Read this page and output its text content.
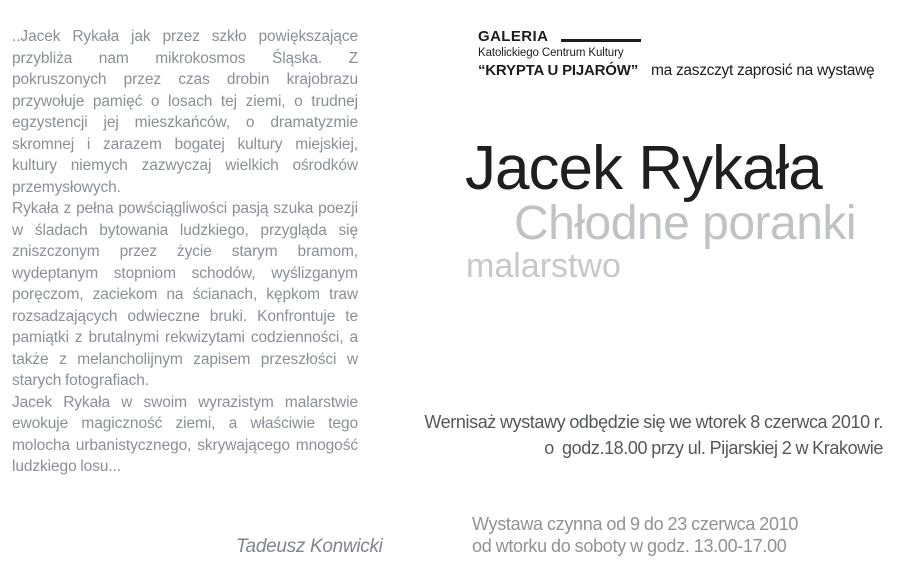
..Jacek Rykała jak przez szkło powiększające przybliża nam mikrokosmos Śląska. Z pokruszonych przez czas drobin krajobrazu przywołuje pamięć o losach tej ziemi, o trudnej egzystencji jej mieszkańców, o dramatyzmie skromnej i zarazem bogatej kultury miejskiej, kultury niemych zazwyczaj wielkich ośrodków przemysłowych.

Rykała z pełna powściągliwości pasją szuka poezji w śladach bytowania ludzkiego, przygląda się zniszczonym przez życie starym bramom, wydeptanym stopniom schodów, wyślizganym poręczom, zaciekom na ścianach, kępkom traw rozsadzających odwieczne bruki. Konfrontuje te pamiątki z brutalnymi rekwizytami codzienności, a także z melancholijnym zapisem przeszłości w starych fotografiach.

Jacek Rykała w swoim wyrazistym malarstwie ewokuje magiczność ziemi, a właściwie tego molocha urbanistycznego, skrywającego mnogość ludzkiego losu...

Tadeusz Konwicki
GALERIA
Katolickiego Centrum Kultury
“KRYPTA U PIJARÓW” ma zaszczyt zaprosić na wystawę
Jacek Rykała
Chłodne poranki
malarstwo
Wernisaż wystawy odbędzie się we wtorek 8 czerwca 2010 r.
o  godz.18.00 przy ul. Pijarskiej 2 w Krakowie
Wystawa czynna od 9 do 23 czerwca 2010
od wtorku do soboty w godz. 13.00-17.00
